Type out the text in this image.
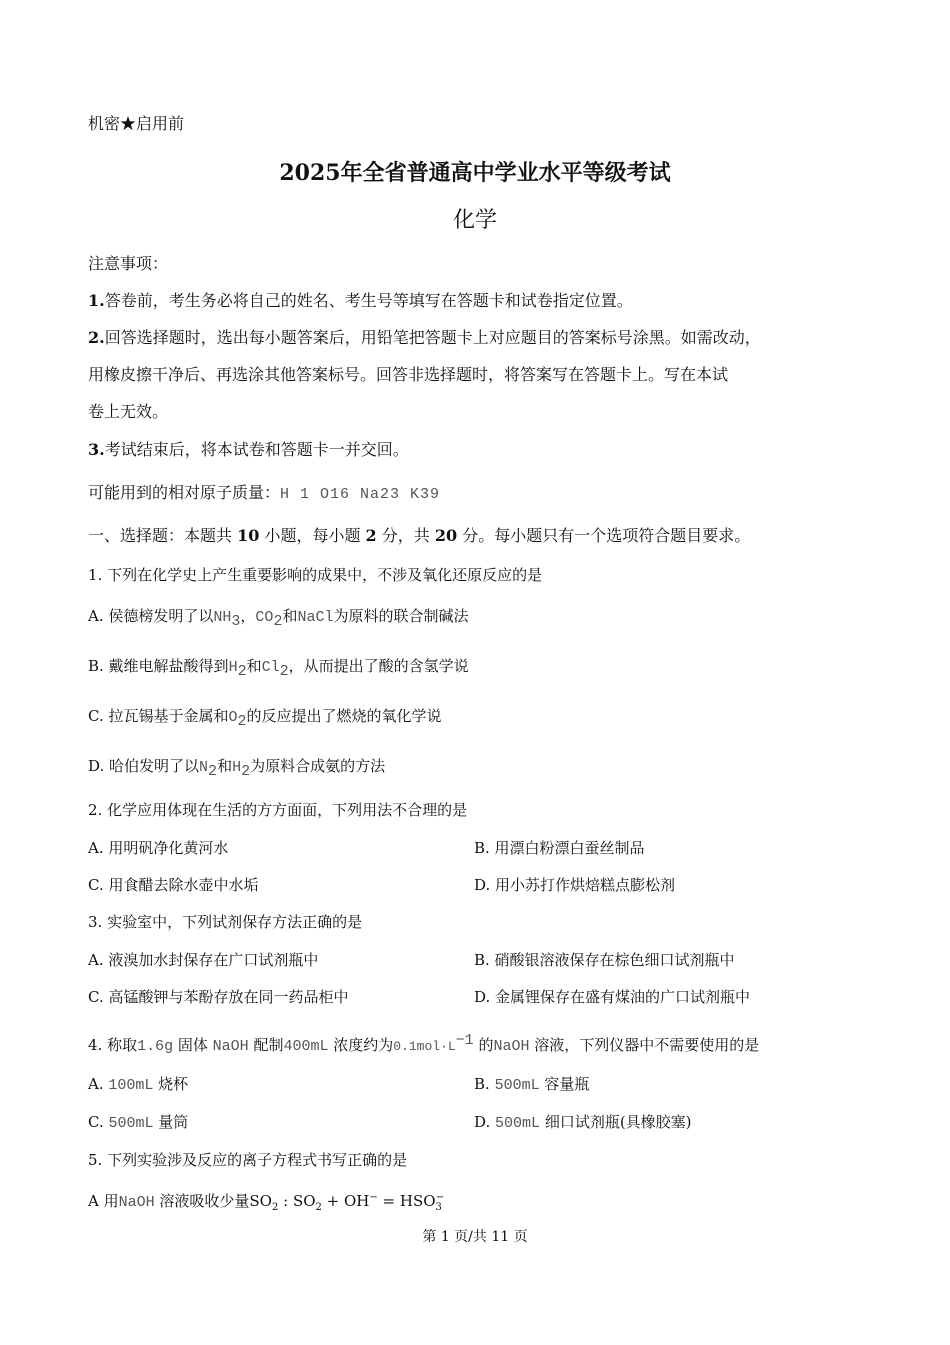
机密★启用前
2025年全省普通高中学业水平等级考试
化学
注意事项：
1.答卷前，考生务必将自己的姓名、考生号等填写在答题卡和试卷指定位置。
2.回答选择题时，选出每小题答案后，用铅笔把答题卡上对应题目的答案标号涂黑。如需改动，
用橡皮擦干净后、再选涂其他答案标号。回答非选择题时，将答案写在答题卡上。写在本试
卷上无效。
3.考试结束后，将本试卷和答题卡一并交回。
可能用到的相对原子质量：H 1 O16 Na23 K39
一、选择题：本题共 10 小题，每小题 2 分，共 20 分。每小题只有一个选项符合题目要求。
1. 下列在化学史上产生重要影响的成果中，不涉及氧化还原反应的是
A. 侯德榜发明了以$NH_3$，$CO_2$和NaCl为原料的联合制碱法
B. 戴维电解盐酸得到$H_2$和$Cl_2$，从而提出了酸的含氢学说
C. 拉瓦锡基于金属和$O_2$的反应提出了燃烧的氧化学说
D. 哈伯发明了以$N_2$和$H_2$为原料合成氨的方法
2. 化学应用体现在生活的方方面面，下列用法不合理的是
A. 用明矾净化黄河水	B. 用漂白粉漂白蚕丝制品
C. 用食醋去除水壶中水垢	D. 用小苏打作烘焙糕点膨松剂
3. 实验室中，下列试剂保存方法正确的是
A. 液溴加水封保存在广口试剂瓶中	B. 硝酸银溶液保存在棕色细口试剂瓶中
C. 高锰酸钾与苯酚存放在同一药品柜中	D. 金属锂保存在盛有煤油的广口试剂瓶中
4. 称取1.6g 固体 NaOH 配制400mL 浓度约为$0.1mol\cdot L^{-1}$ 的NaOH 溶液，下列仪器中不需要使用的是
A. 100mL 烧杯	B. 500mL 容量瓶
C. 500mL 量筒	D. 500mL 细口试剂瓶(具橡胶塞)
5. 下列实验涉及反应的离子方程式书写正确的是
A 用NaOH 溶液吸收少量$SO_2$ : $SO_2 + OH^- = HSO_3^-$
第 1 页/共 11 页
